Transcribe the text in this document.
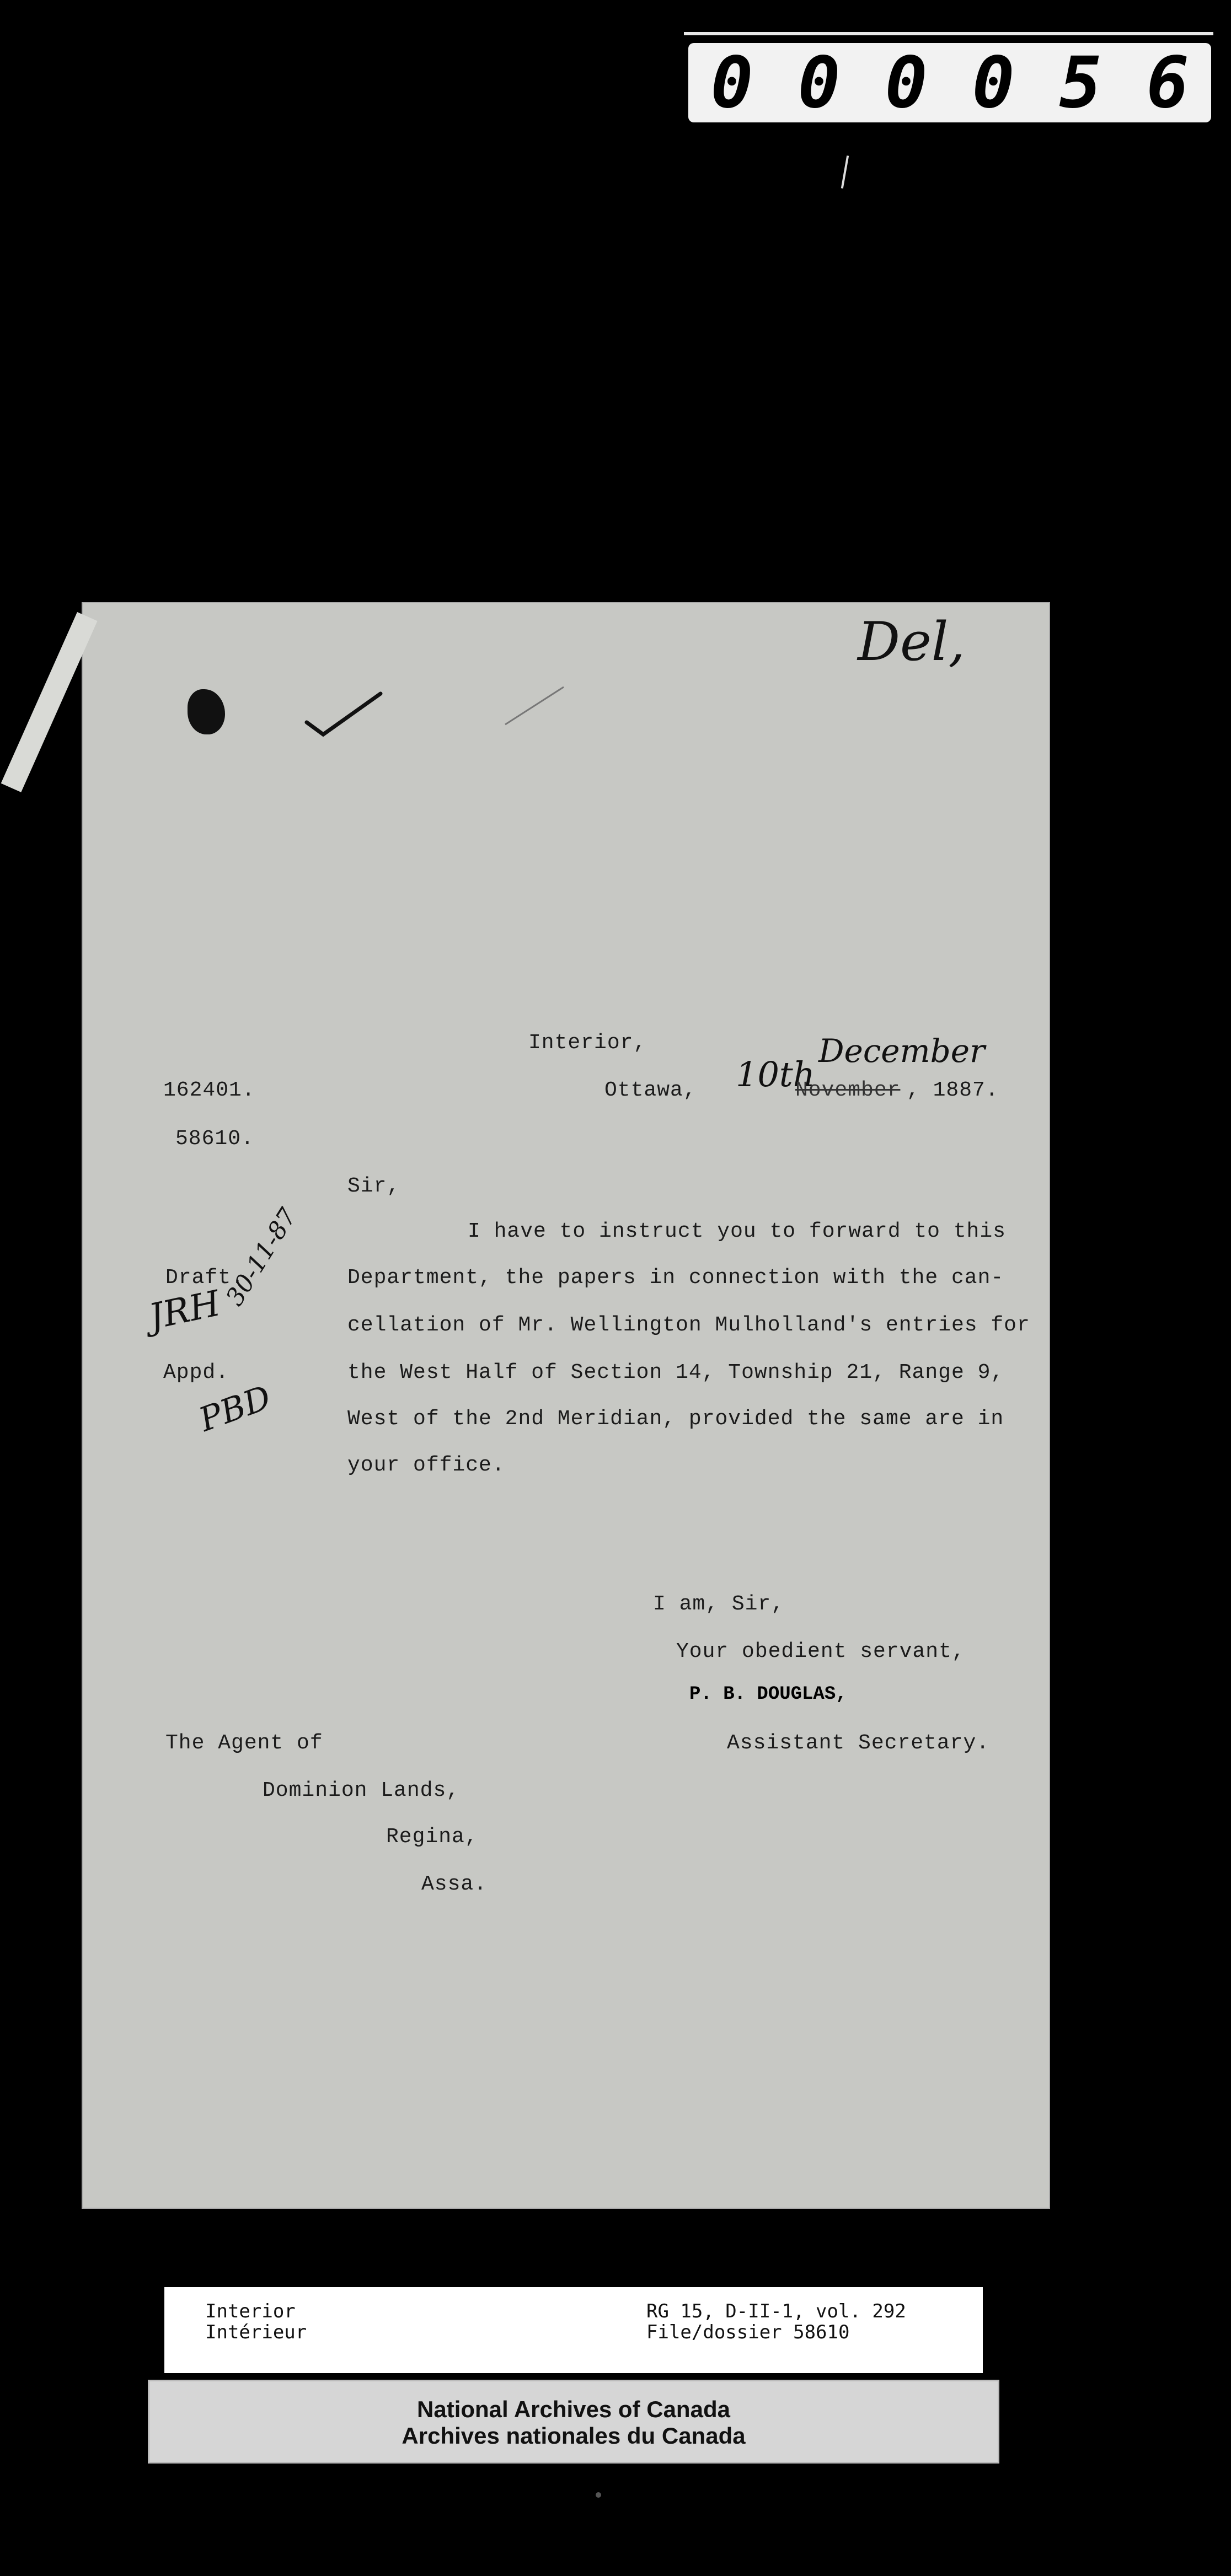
0 0 0 0 5 6
Del,
Interior,
162401.
58610.
Ottawa, 10th
December
November , 1887.
Sir,
I have to instruct you to forward to this
Department, the papers in connection with the can-
cellation of Mr. Wellington Mulholland's entries for
the West Half of Section 14, Township 21, Range 9,
West of the 2nd Meridian, provided the same are in
your office.
Draft.
Appd.
JRH
30-11-87
PBD
I am, Sir,
Your obedient servant,
P. B. DOUGLAS,
Assistant Secretary.
The Agent of
Dominion Lands,
Regina,
Assa.
Interior
Intérieur
RG 15, D-II-1, vol. 292
File/dossier 58610
National Archives of Canada
Archives nationales du Canada
